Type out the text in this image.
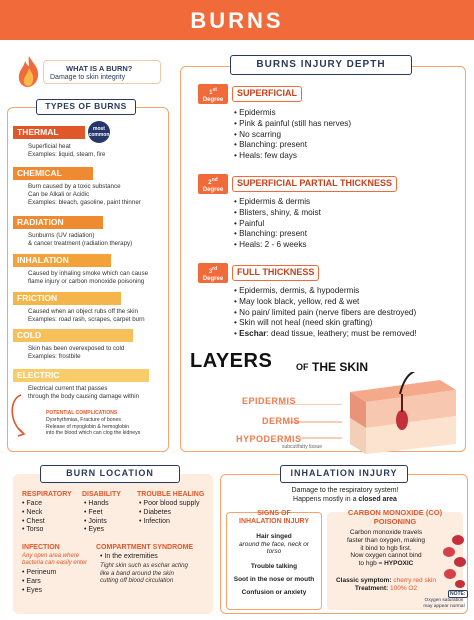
BURNS
WHAT IS A BURN?
Damage to skin integrity
TYPES OF BURNS
THERMAL	most
common
Superficial heat
Examples: liquid, steam, fire
CHEMICAL
Burn caused by a toxic substance
Can be Alkali or Acidic
Examples: bleach, gasoline, paint thinner
RADIATION
Sunburns (UV radiation)
& cancer treatment (radiation therapy)
INHALATION
Caused by inhaling smoke which can cause
flame injury or carbon monoxide poisoning
FRICTION
Caused when an object rubs off the skin
Examples: road rash, scrapes, carpet burn
COLD
Skin has been overexposed to cold
Examples: frostbite
ELECTRIC
Electrical current that passes
through the body causing damage within
POTENTIAL COMPLICATIONS
Dysrhythmias, Fracture of bones
Release of myoglobin & hemoglobin
into the blood which can clog the kidneys
BURNS INJURY DEPTH
1st
Degree
SUPERFICIAL
• Epidermis
• Pink & painful (still has nerves)
• No scarring
• Blanching: present
• Heals: few days
2nd
Degree
SUPERFICIAL PARTIAL THICKNESS
• Epidermis & dermis
• Blisters, shiny, & moist
• Painful
• Blanching: present
• Heals: 2 - 6 weeks
3rd
Degree
FULL THICKNESS
• Epidermis, dermis, & hypodermis
• May look black, yellow, red & wet
• No pain/ limited pain (nerve fibers are destroyed)
• Skin will not heal (need skin grafting)
• Eschar: dead tissue, leathery; must be removed!
LAYERS	OF THE SKIN
EPIDERMIS
DERMIS
HYPODERMIS
subcut/fatty tissue
BURN LOCATION
RESPIRATORY
• Face
• Neck
• Chest
• Torso
DISABILITY
• Hands
• Feet
• Joints
• Eyes
TROUBLE HEALING
• Poor blood supply
• Diabetes
• Infection
INFECTION
Any open area where
bacteria can easily enter
• Perineum
• Ears
• Eyes
COMPARTMENT SYNDROME
• In the extremities
Tight skin such as eschar acting
like a band around the skin
cutting off blood circulation
INHALATION INJURY
Damage to the respiratory system!
Happens mostly in a closed area
SIGNS OF
INHALATION INJURY
Hair singed
around the face, neck or
torso
Trouble talking
Soot in the nose or mouth
Confusion or anxiety
CARBON MONOXIDE (CO)
POISONING
Carbon monoxide travels
faster than oxygen, making
it bind to hgb first.
Now oxygen cannot bind
to hgb = HYPOXIC
Classic symptom: cherry red skin
Treatment: 100% O2
NOTE:
Oxygen saturation
may appear normal
